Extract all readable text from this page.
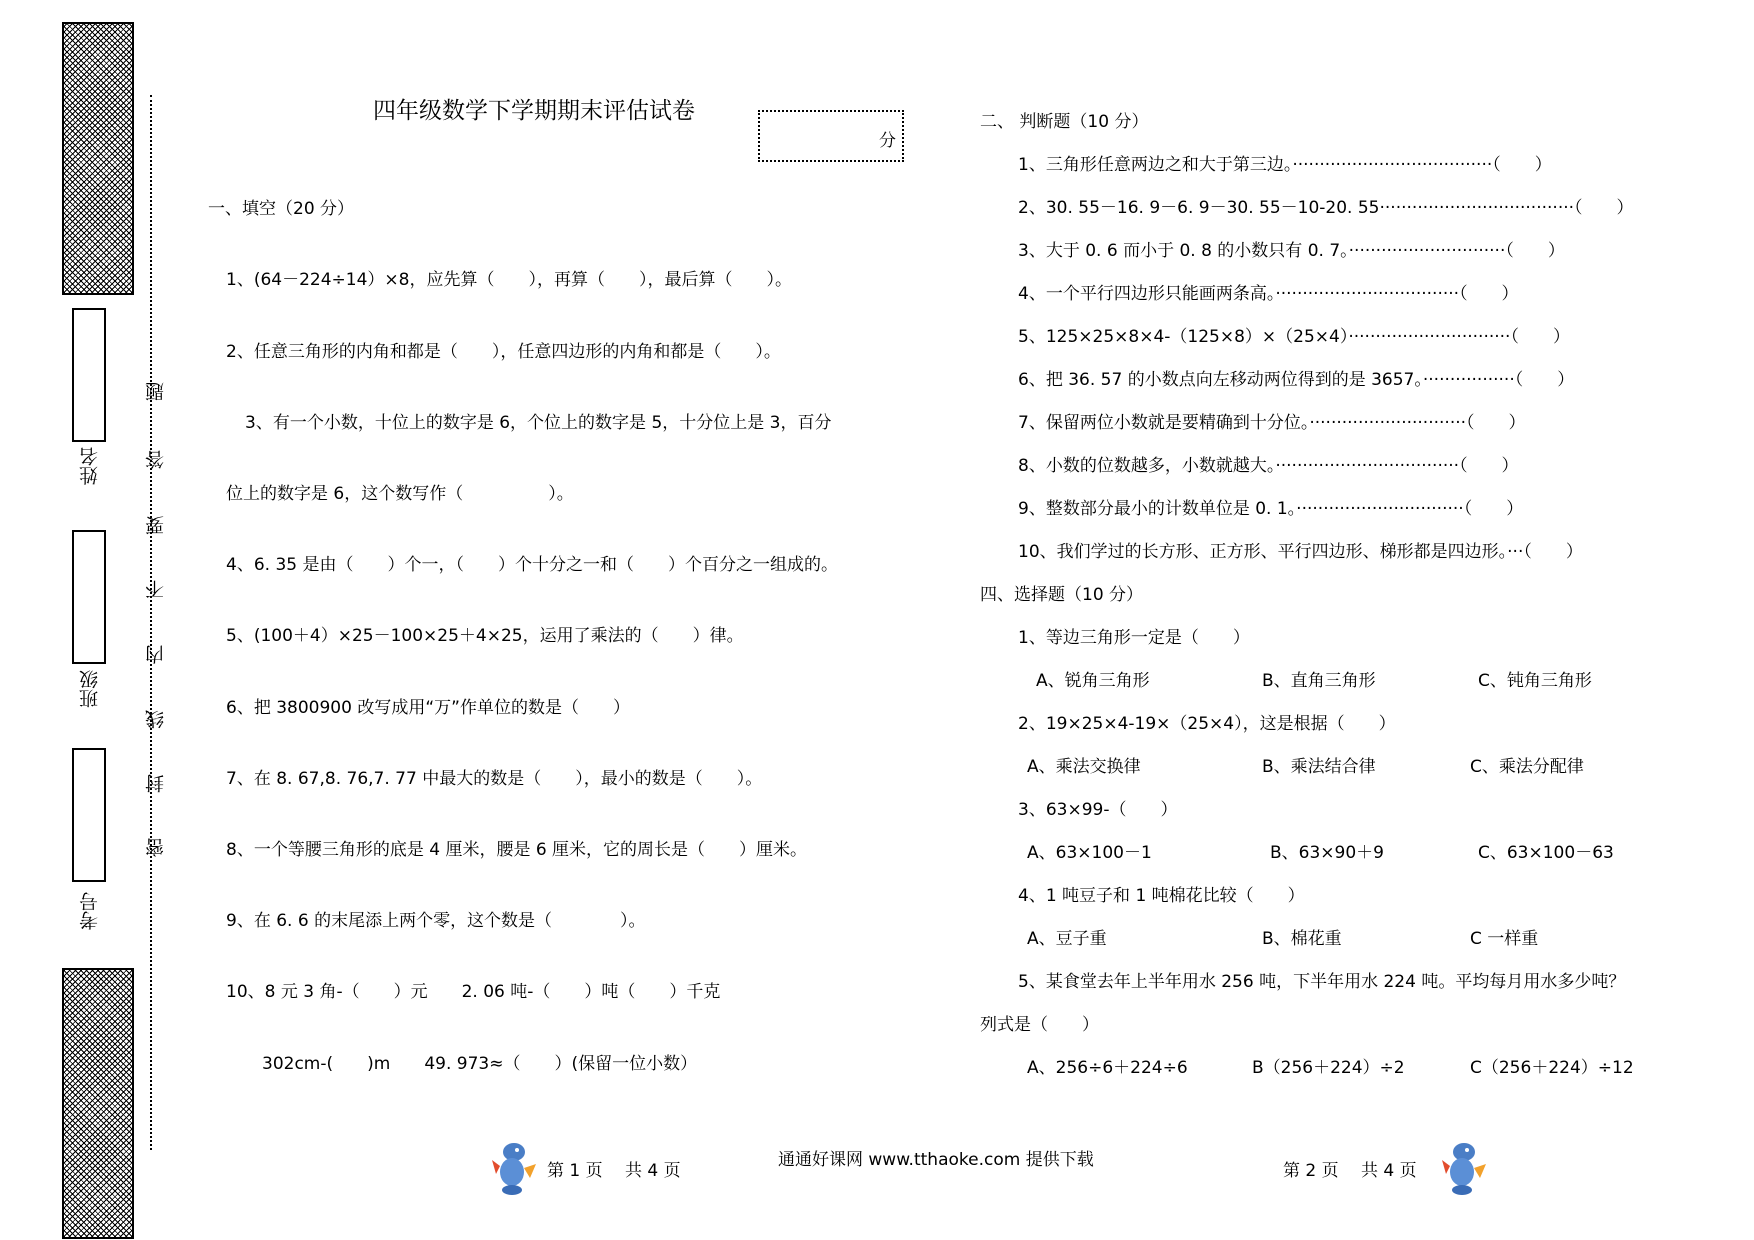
姓名
班级
考号
密
封
线
内
不
要
答
题
四年级数学下学期期末评估试卷
分
一、填空（20 分）
1、(64－224÷14）×8，应先算（　　），再算（　　），最后算（　　）。
2、任意三角形的内角和都是（　　），任意四边形的内角和都是（　　）。
3、有一个小数，十位上的数字是 6，个位上的数字是 5，十分位上是 3，百分
位上的数字是 6，这个数写作（　　　　　）。
4、6. 35 是由（　　）个一，（　　）个十分之一和（　　）个百分之一组成的。
5、(100＋4）×25－100×25＋4×25，运用了乘法的（　　）律。
6、把 3800900 改写成用“万”作单位的数是（　　）
7、在 8. 67,8. 76,7. 77 中最大的数是（　　），最小的数是（　　）。
8、一个等腰三角形的底是 4 厘米，腰是 6 厘米，它的周长是（　　）厘米。
9、在 6. 6 的末尾添上两个零，这个数是（　　　　）。
10、8 元 3 角-（　　）元　　2. 06 吨-（　　）吨（　　）千克
302cm-(　　)m　　49. 973≈（　　）(保留一位小数）
二、 判断题（10 分）
1、三角形任意两边之和大于第三边。·····································（　　）
2、30. 55－16. 9－6. 9－30. 55－10-20. 55····································（　　）
3、大于 0. 6 而小于 0. 8 的小数只有 0. 7。·····························（　　）
4、一个平行四边形只能画两条高。··································（　　）
5、125×25×8×4-（125×8）×（25×4）······························（　　）
6、把 36. 57 的小数点向左移动两位得到的是 3657。·················（　　）
7、保留两位小数就是要精确到十分位。·····························（　　）
8、小数的位数越多，小数就越大。··································（　　）
9、整数部分最小的计数单位是 0. 1。·······························（　　）
10、我们学过的长方形、正方形、平行四边形、梯形都是四边形。···（　　）
四、选择题（10 分）
1、等边三角形一定是（　　）
A、锐角三角形	B、直角三角形	C、钝角三角形
2、19×25×4-19×（25×4），这是根据（　　）
A、乘法交换律	B、乘法结合律	C、乘法分配律
3、63×99-（　　）
A、63×100－1	B、63×90＋9	C、63×100－63
4、1 吨豆子和 1 吨棉花比较（　　）
A、豆子重	B、棉花重	C 一样重
5、某食堂去年上半年用水 256 吨，下半年用水 224 吨。平均每月用水多少吨？
列式是（　　）
A、256÷6＋224÷6	B（256＋224）÷2	C（256＋224）÷12
第 1 页　 共 4 页
通通好课网 www.tthaoke.com 提供下载
第 2 页　 共 4 页
